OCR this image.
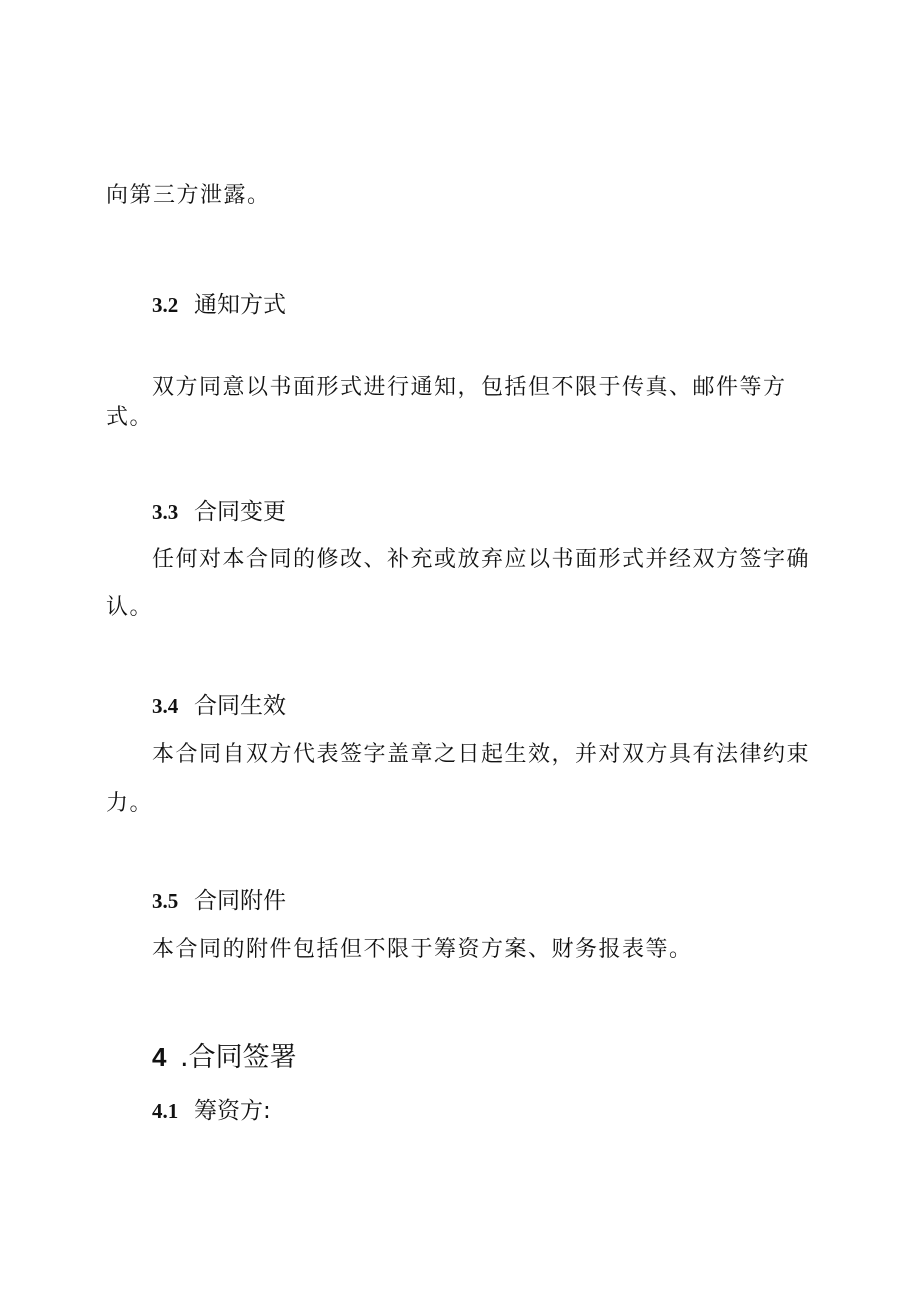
向第三方泄露。

3.2 通知方式

双方同意以书面形式进行通知，包括但不限于传真、邮件等方

式。

3.3 合同变更

任何对本合同的修改、补充或放弃应以书面形式并经双方签字确

认。

3.4 合同生效

本合同自双方代表签字盖章之日起生效，并对双方具有法律约束

力。

3.5 合同附件

本合同的附件包括但不限于筹资方案、财务报表等。

4 .合同签署
4.1 筹资方:
